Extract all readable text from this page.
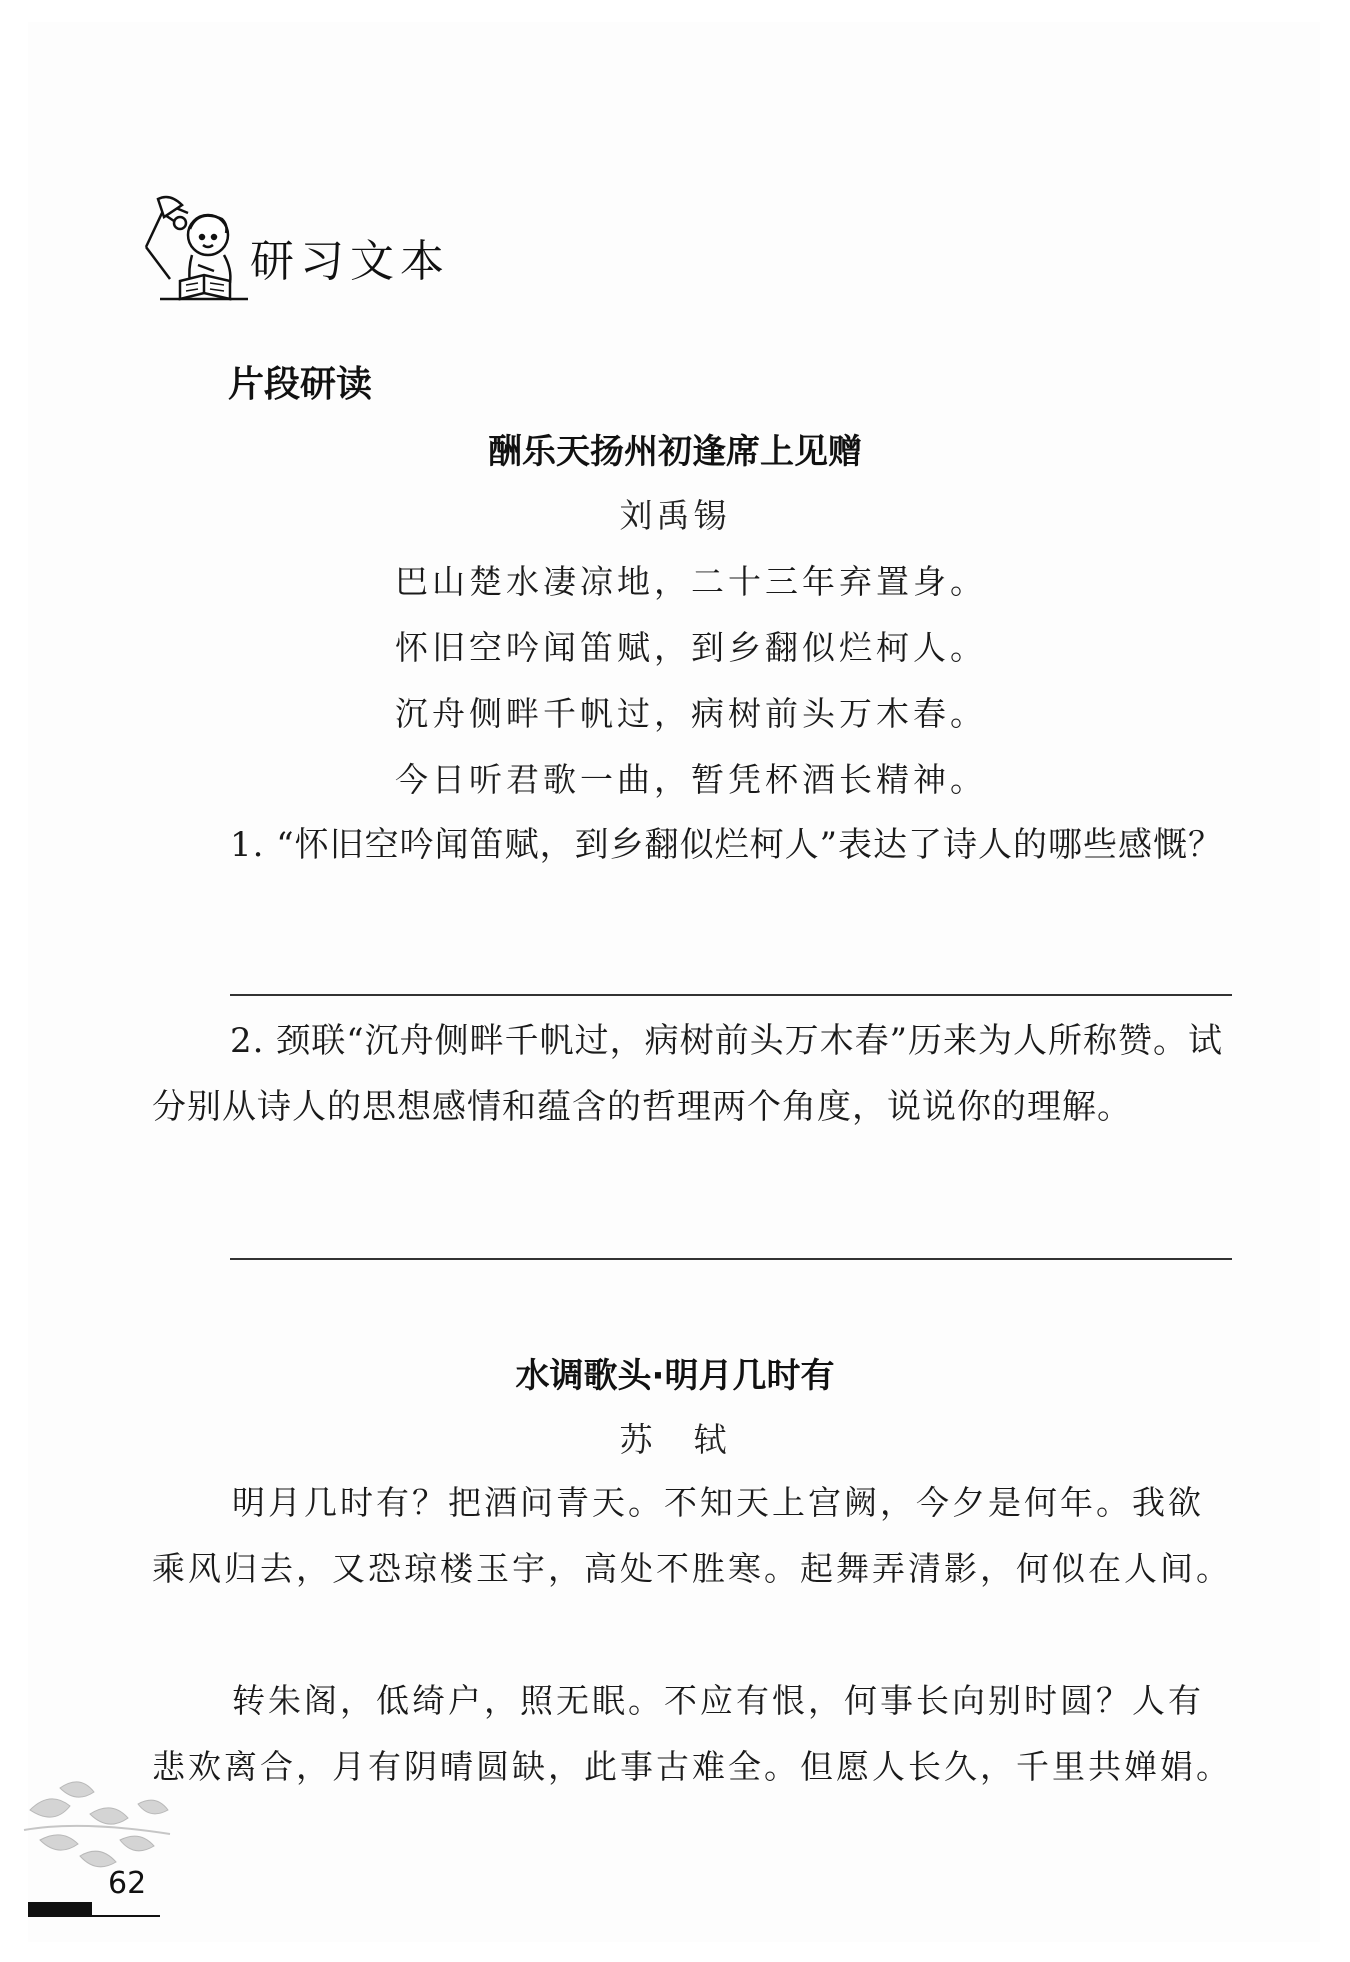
研习文本
片段研读
酬乐天扬州初逢席上见赠
刘禹锡
巴山楚水凄凉地，二十三年弃置身。
怀旧空吟闻笛赋，到乡翻似烂柯人。
沉舟侧畔千帆过，病树前头万木春。
今日听君歌一曲，暂凭杯酒长精神。
1. “怀旧空吟闻笛赋，到乡翻似烂柯人”表达了诗人的哪些感慨？
2. 颈联“沉舟侧畔千帆过，病树前头万木春”历来为人所称赞。试分别从诗人的思想感情和蕴含的哲理两个角度，说说你的理解。
水调歌头·明月几时有
苏　轼
明月几时有？把酒问青天。不知天上宫阙，今夕是何年。我欲乘风归去，又恐琼楼玉宇，高处不胜寒。起舞弄清影，何似在人间。
转朱阁，低绮户，照无眠。不应有恨，何事长向别时圆？人有悲欢离合，月有阴晴圆缺，此事古难全。但愿人长久，千里共婵娟。
62
